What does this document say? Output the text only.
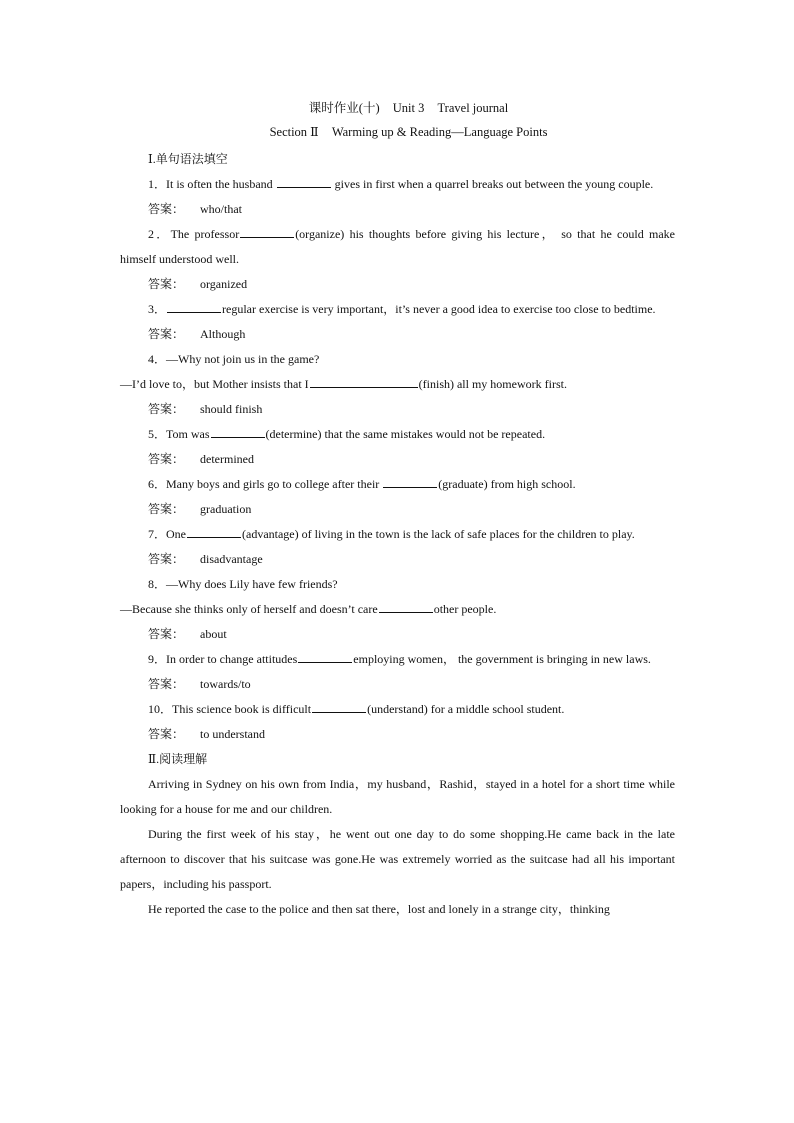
课时作业(十) Unit 3 Travel journal
Section Ⅱ Warming up & Reading—Language Points
Ⅰ.单句语法填空
1．It is often the husband	gives in first when a quarrel breaks out between the young couple.
答案： who/that
2．The professor	(organize) his thoughts before giving his lecture， so that he could make himself understood well.
答案： organized
3．	regular exercise is very important，it’s never a good idea to exercise too close to bedtime.
答案： Although
4．—Why not join us in the game?
—I’d love to，but Mother insists that I	(finish) all my homework first.
答案： should finish
5．Tom was	(determine) that the same mistakes would not be repeated.
答案： determined
6．Many boys and girls go to college after their	(graduate) from high school.
答案： graduation
7．One	(advantage) of living in the town is the lack of safe places for the children to play.
答案： disadvantage
8．—Why does Lily have few friends?
—Because she thinks only of herself and doesn’t care	other people.
答案： about
9．In order to change attitudes	employing women， the government is bringing in new laws.
答案： towards/to
10．This science book is difficult	(understand) for a middle school student.
答案： to understand
Ⅱ.阅读理解
Arriving in Sydney on his own from India，my husband，Rashid，stayed in a hotel for a short time while looking for a house for me and our children.
During the first week of his stay，he went out one day to do some shopping.He came back in the late afternoon to discover that his suitcase was gone.He was extremely worried as the suitcase had all his important papers，including his passport.
He reported the case to the police and then sat there，lost and lonely in a strange city，thinking
